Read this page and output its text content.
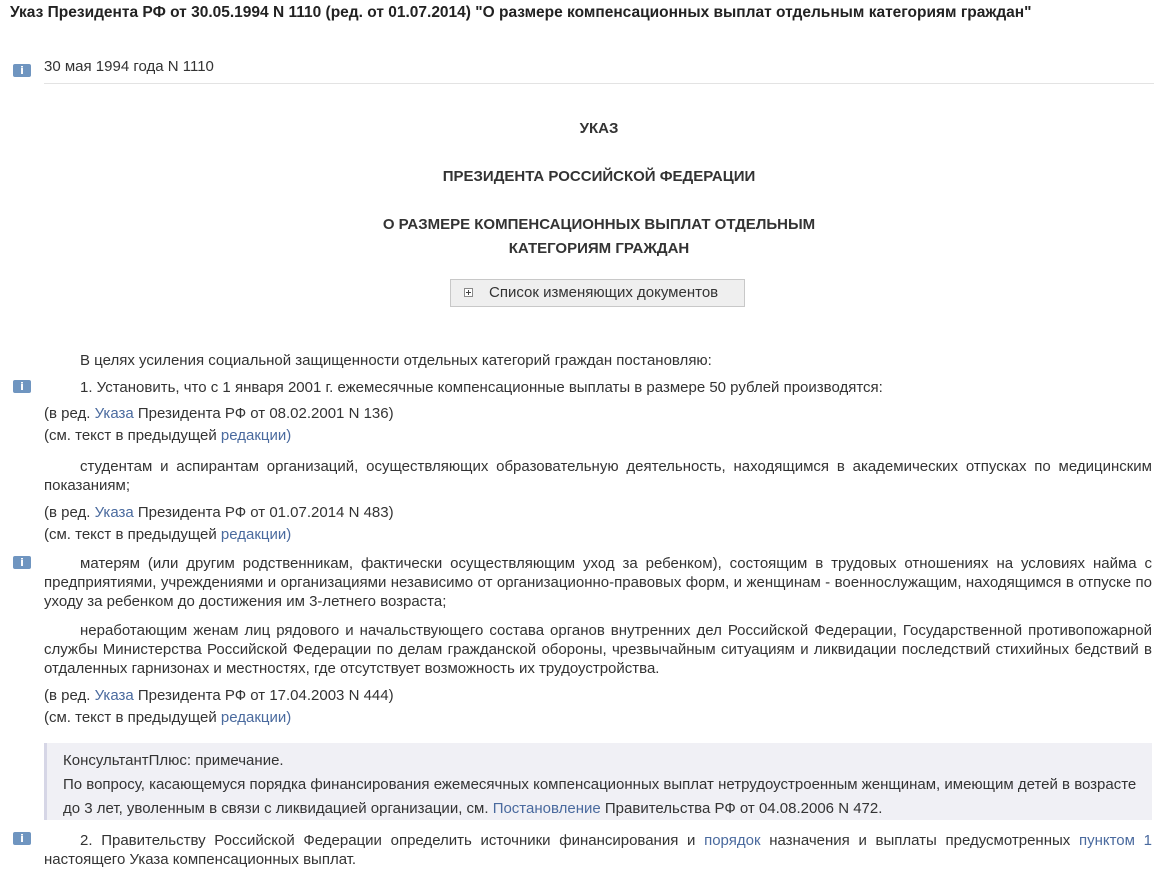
Указ Президента РФ от 30.05.1994 N 1110 (ред. от 01.07.2014) "О размере компенсационных выплат отдельным категориям граждан"
i
30 мая 1994 года N 1110
УКАЗ
ПРЕЗИДЕНТА РОССИЙСКОЙ ФЕДЕРАЦИИ
О РАЗМЕРЕ КОМПЕНСАЦИОННЫХ ВЫПЛАТ ОТДЕЛЬНЫМ
КАТЕГОРИЯМ ГРАЖДАН
Список изменяющих документов
В целях усиления социальной защищенности отдельных категорий граждан постановляю:
i
1. Установить, что с 1 января 2001 г. ежемесячные компенсационные выплаты в размере 50 рублей производятся:
(в ред. Указа Президента РФ от 08.02.2001 N 136)
(см. текст в предыдущей редакции)
студентам и аспирантам организаций, осуществляющих образовательную деятельность, находящимся в академических отпусках по медицинским показаниям;
(в ред. Указа Президента РФ от 01.07.2014 N 483)
(см. текст в предыдущей редакции)
i
матерям (или другим родственникам, фактически осуществляющим уход за ребенком), состоящим в трудовых отношениях на условиях найма с предприятиями, учреждениями и организациями независимо от организационно-правовых форм, и женщинам - военнослужащим, находящимся в отпуске по уходу за ребенком до достижения им 3-летнего возраста;
неработающим женам лиц рядового и начальствующего состава органов внутренних дел Российской Федерации, Государственной противопожарной службы Министерства Российской Федерации по делам гражданской обороны, чрезвычайным ситуациям и ликвидации последствий стихийных бедствий в отдаленных гарнизонах и местностях, где отсутствует возможность их трудоустройства.
(в ред. Указа Президента РФ от 17.04.2003 N 444)
(см. текст в предыдущей редакции)
КонсультантПлюс: примечание.
По вопросу, касающемуся порядка финансирования ежемесячных компенсационных выплат нетрудоустроенным женщинам, имеющим детей в возрасте до 3 лет, уволенным в связи с ликвидацией организации, см. Постановление Правительства РФ от 04.08.2006 N 472.
i
2. Правительству Российской Федерации определить источники финансирования и порядок назначения и выплаты предусмотренных пунктом 1 настоящего Указа компенсационных выплат.
